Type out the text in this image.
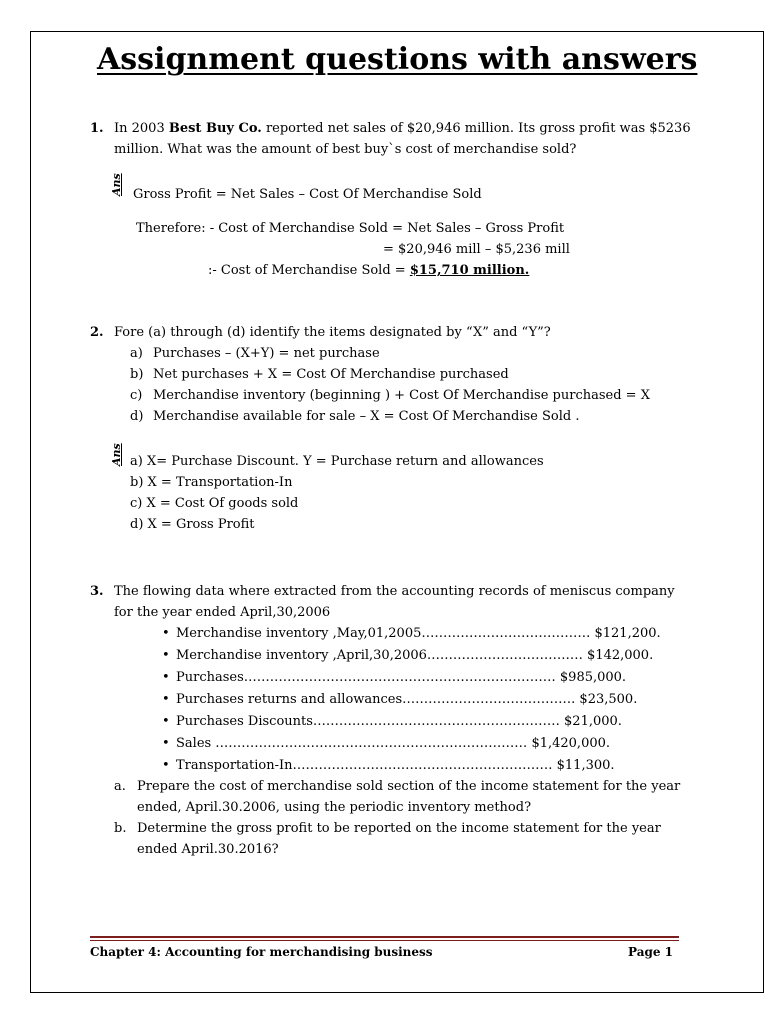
Assignment questions with answers
1. In 2003 Best Buy Co. reported net sales of $20,946 million. Its gross profit was $5236
million. What was the amount of best buy`s cost of merchandise sold?
Ans Gross Profit = Net Sales – Cost Of Merchandise Sold
Therefore: - Cost of Merchandise Sold = Net Sales – Gross Profit
= $20,946 mill – $5,236 mill
:- Cost of Merchandise Sold = $15,710 million.
2. Fore (a) through (d) identify the items designated by “X” and “Y”?
a) Purchases – (X+Y) = net purchase
b) Net purchases + X = Cost Of Merchandise purchased
c) Merchandise inventory (beginning ) + Cost Of Merchandise purchased = X
d) Merchandise available for sale – X = Cost Of Merchandise Sold .
Ans a) X= Purchase Discount. Y = Purchase return and allowances
b) X = Transportation-In
c) X = Cost Of goods sold
d) X = Gross Profit
3. The flowing data where extracted from the accounting records of meniscus company
for the year ended April,30,2006
• Merchandise inventory ,May,01,2005………………………………… $121,200.
• Merchandise inventory ,April,30,2006……………………………… $142,000.
• Purchases……………………………………………………………… $985,000.
• Purchases returns and allowances…………………………………. $23,500.
• Purchases Discounts………………………………………………… $21,000.
• Sales ……………………………………………………………… $1,420,000.
• Transportation-In…………………………………………………… $11,300.
a. Prepare the cost of merchandise sold section of the income statement for the year
ended, April.30.2006, using the periodic inventory method?
b. Determine the gross profit to be reported on the income statement for the year
ended April.30.2016?
Chapter 4: Accounting for merchandising business	Page 1
